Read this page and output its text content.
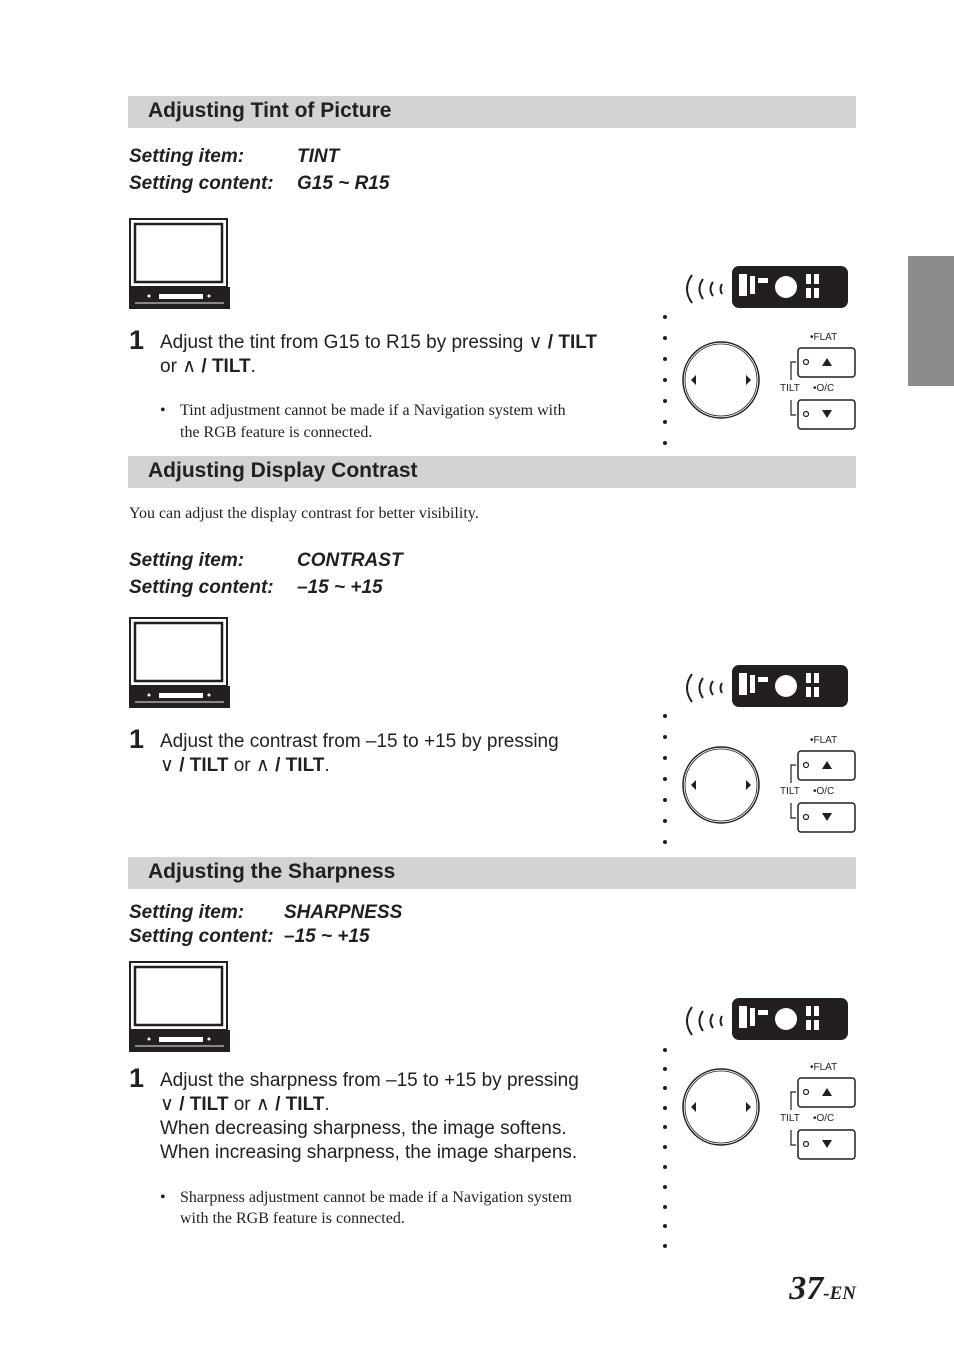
Adjusting Tint of Picture
Setting item:	TINT
Setting content: G15 ~ R15
1 Adjust the tint from G15 to R15 by pressing ∨ / TILT
or ∧ / TILT.
• Tint adjustment cannot be made if a Navigation system with
the RGB feature is connected.
•FLAT
TILT •O/C
Adjusting Display Contrast
You can adjust the display contrast for better visibility.
Setting item:	CONTRAST
Setting content: –15 ~ +15
1 Adjust the contrast from –15 to +15 by pressing
∨ / TILT or ∧ / TILT.
•FLAT
TILT •O/C
Adjusting the Sharpness
Setting item: SHARPNESS
Setting content: –15 ~ +15
1 Adjust the sharpness from –15 to +15 by pressing
∨ / TILT or ∧ / TILT.
When decreasing sharpness, the image softens.
When increasing sharpness, the image sharpens.
• Sharpness adjustment cannot be made if a Navigation system
with the RGB feature is connected.
•FLAT
TILT •O/C
37-EN
